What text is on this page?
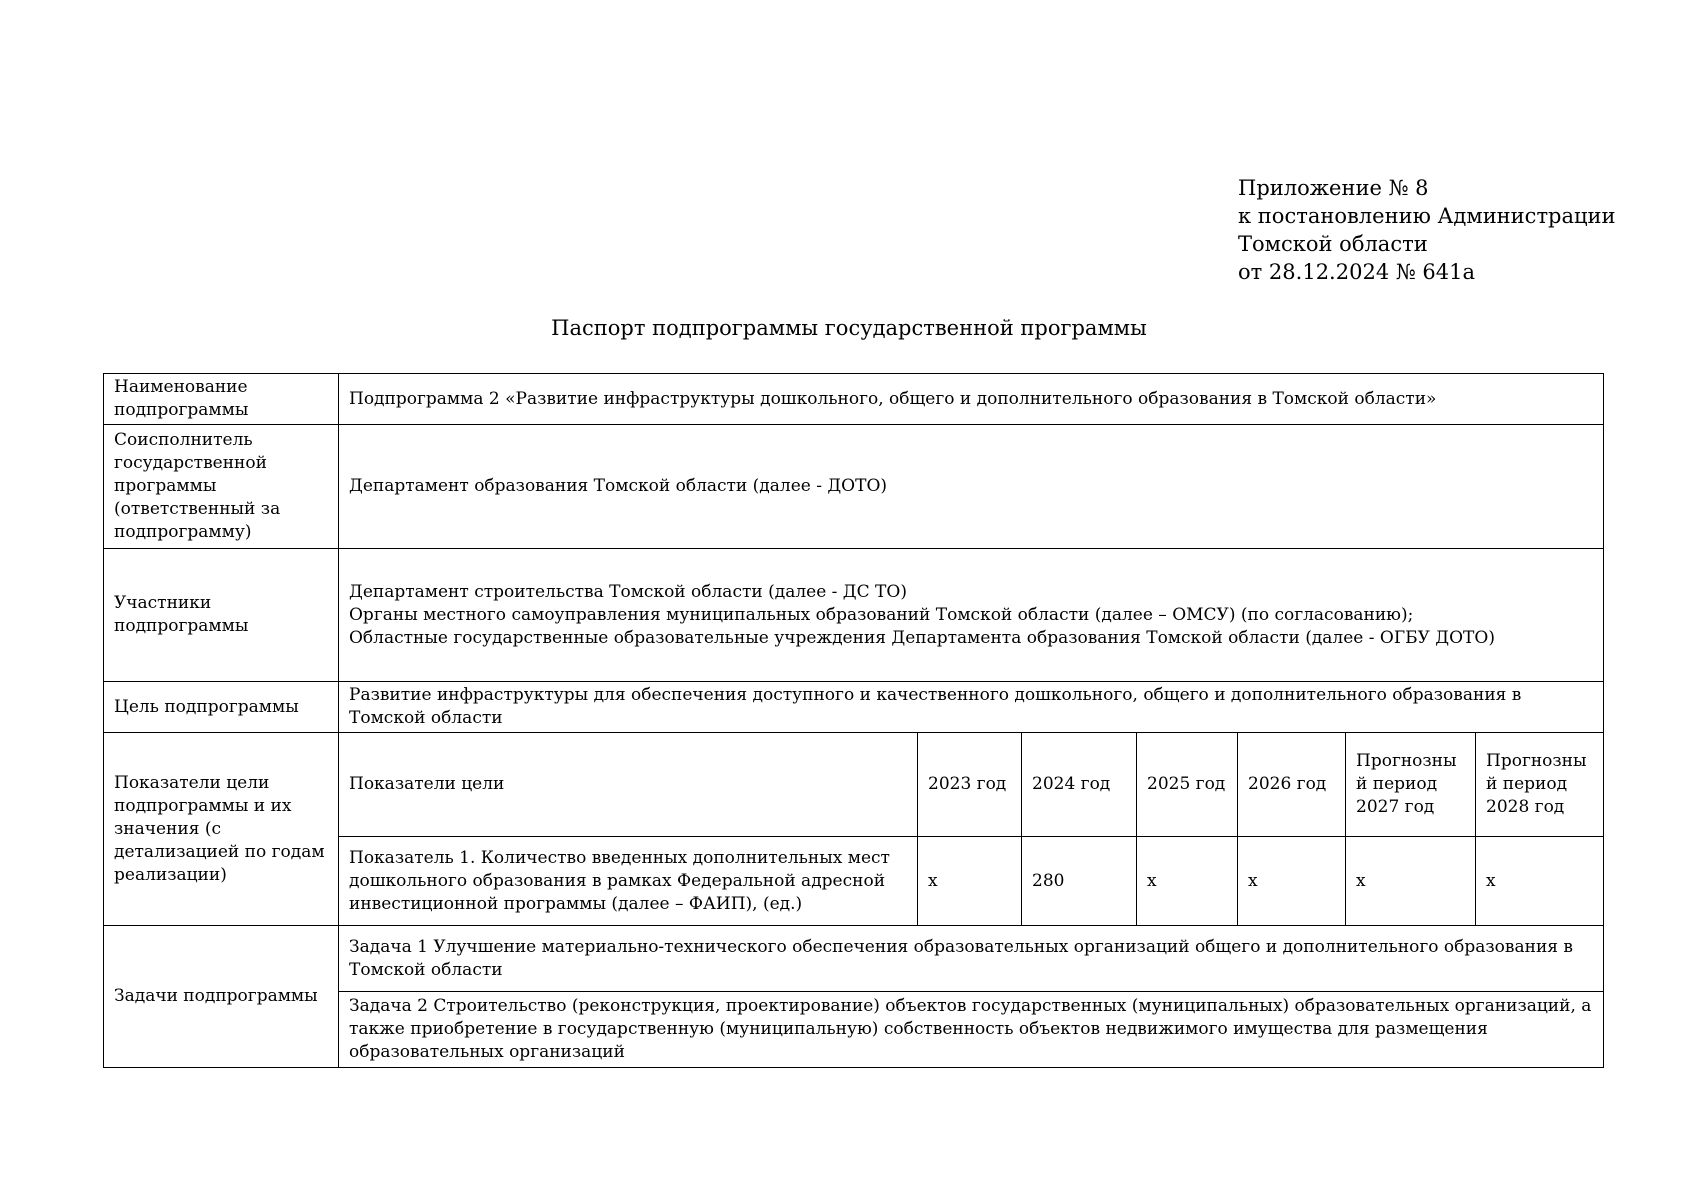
Приложение № 8
к постановлению Администрации
Томской области
от 28.12.2024 № 641а
Паспорт подпрограммы государственной программы
Наименование подпрограммы	Подпрограмма 2 «Развитие инфраструктуры дошкольного, общего и дополнительного образования в Томской области»						
Соисполнитель государственной программы (ответственный за подпрограмму)	Департамент образования Томской области (далее - ДОТО)						
Участники подпрограммы	Департамент строительства Томской области (далее - ДС ТО)
Органы местного самоуправления муниципальных образований Томской области (далее – ОМСУ) (по согласованию);
Областные государственные образовательные учреждения Департамента образования Томской области (далее - ОГБУ ДОТО)						

Цель подпрограммы	Развитие инфраструктуры для обеспечения доступного и качественного дошкольного, общего и дополнительного образования в Томской области						
Показатели цели подпрограммы и их значения (с детализацией по годам реализации)	Показатели цели	2023 год	2024 год	2025 год	2026 год	Прогнозный период 2027 год	Прогнозный период 2028 год
	Показатель 1. Количество введенных дополнительных мест дошкольного образования в рамках Федеральной адресной инвестиционной программы (далее – ФАИП), (ед.)	х	280	х	х	х	х
Задачи подпрограммы	Задача 1 Улучшение материально-технического обеспечения образовательных организаций общего и дополнительного образования в Томской области						
	Задача 2 Строительство (реконструкция, проектирование) объектов государственных (муниципальных) образовательных организаций, а также приобретение в государственную (муниципальную) собственность объектов недвижимого имущества для размещения образовательных организаций						
